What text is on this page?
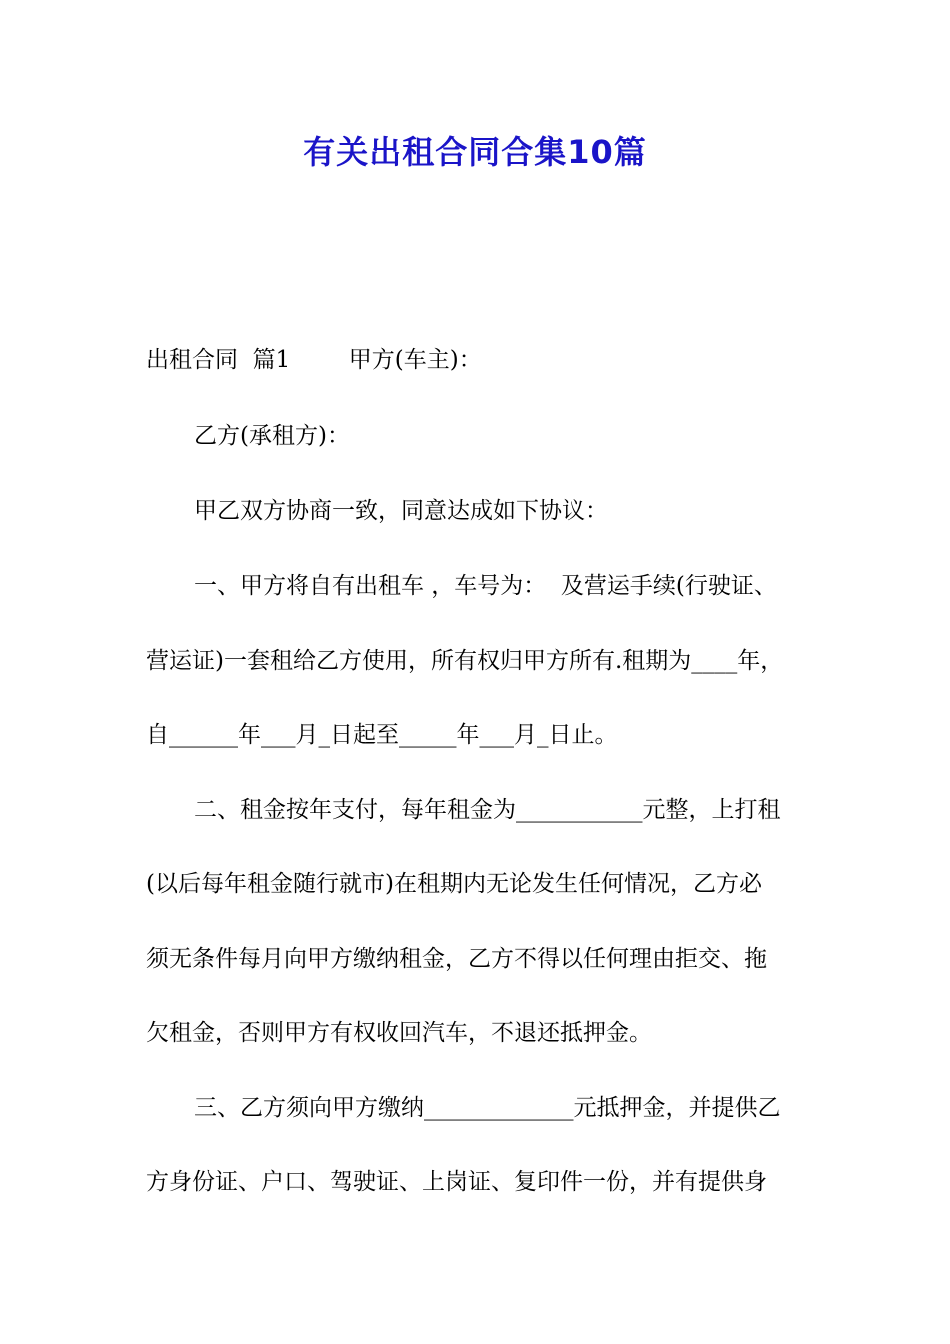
有关出租合同合集10篇

出租合同  篇1        甲方(车主)：

乙方(承租方)：

甲乙双方协商一致，同意达成如下协议：

一、甲方将自有出租车 ，车号为：  及营运手续(行驶证、

营运证)一套租给乙方使用，所有权归甲方所有.租期为____年，

自______年___月_日起至_____年___月_日止。

二、租金按年支付，每年租金为___________元整，上打租

(以后每年租金随行就市)在租期内无论发生任何情况，乙方必

须无条件每月向甲方缴纳租金，乙方不得以任何理由拒交、拖

欠租金，否则甲方有权收回汽车，不退还抵押金。

三、乙方须向甲方缴纳_____________元抵押金，并提供乙

方身份证、户口、驾驶证、上岗证、复印件一份，并有提供身
